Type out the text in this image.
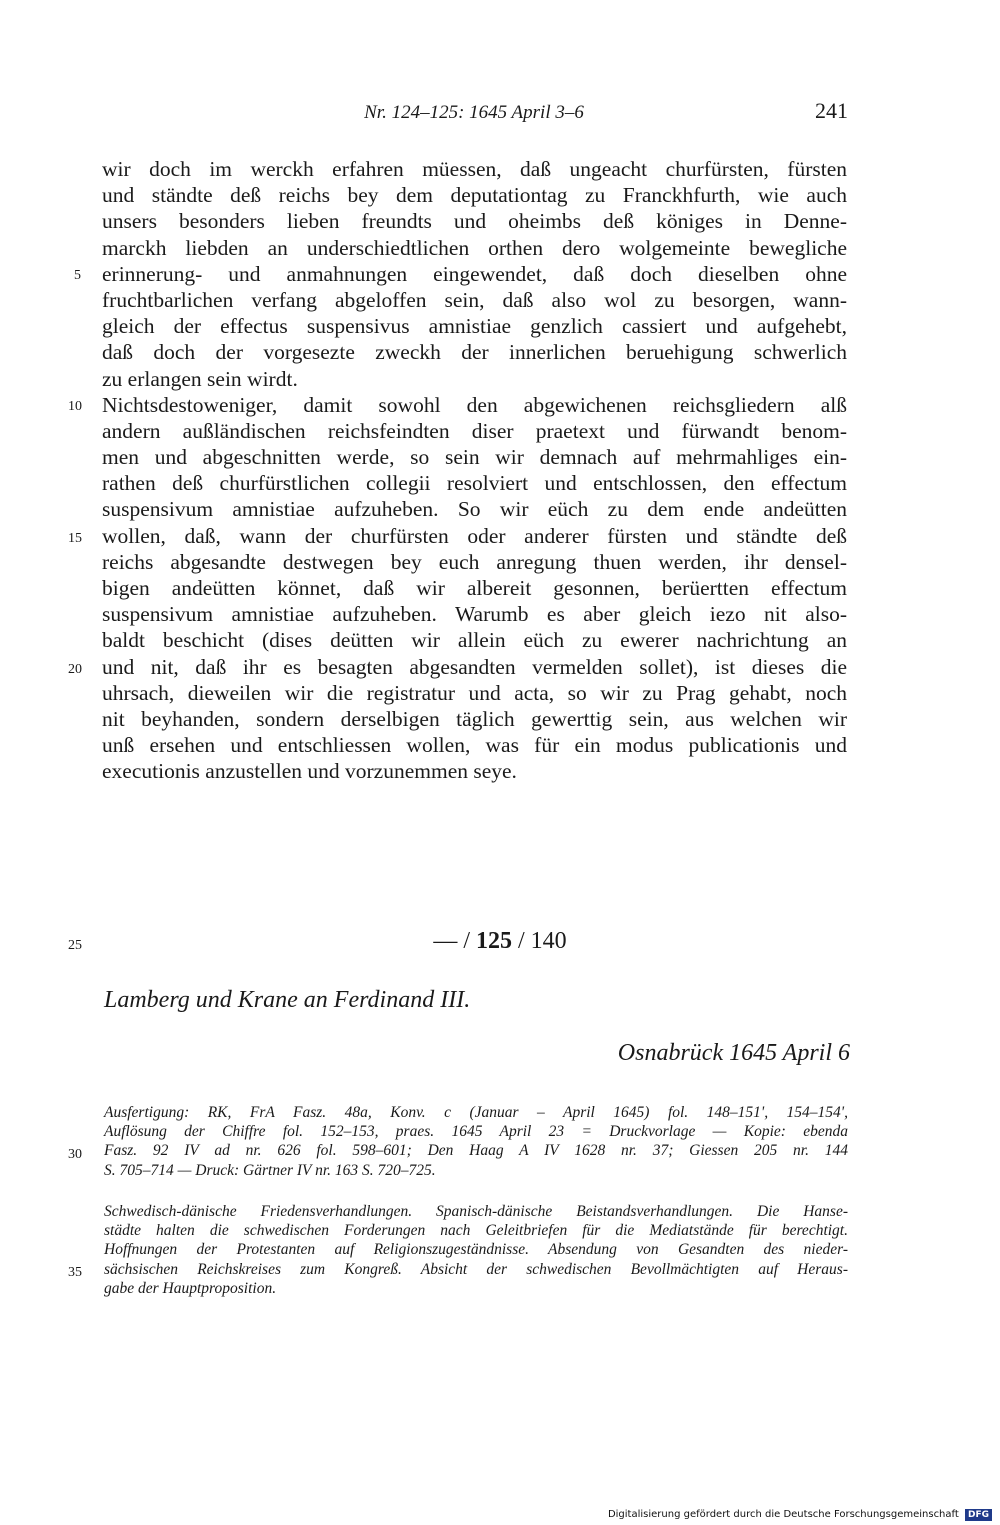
Nr. 124–125: 1645 April 3–6	241
wir doch im werckh erfahren müessen, daß ungeacht churfürsten, fürsten
und ständte deß reichs bey dem deputationtag zu Franckhfurth, wie auch
unsers besonders lieben freundts und oheimbs deß königes in Denne-
marckh liebden an underschiedtlichen orthen dero wolgemeinte bewegliche
erinnerung- und anmahnungen eingewendet, daß doch dieselben ohne
fruchtbarlichen verfang abgeloffen sein, daß also wol zu besorgen, wann-
gleich der effectus suspensivus amnistiae genzlich cassiert und aufgehebt,
daß doch der vorgesezte zweckh der innerlichen beruehigung schwerlich
zu erlangen sein wirdt.
Nichtsdestoweniger, damit sowohl den abgewichenen reichsgliedern alß
andern außländischen reichsfeindten diser praetext und fürwandt benom-
men und abgeschnitten werde, so sein wir demnach auf mehrmahliges ein-
rathen deß churfürstlichen collegii resolviert und entschlossen, den effectum
suspensivum amnistiae aufzuheben. So wir eüch zu dem ende andeütten
wollen, daß, wann der churfürsten oder anderer fürsten und ständte deß
reichs abgesandte destwegen bey euch anregung thuen werden, ihr densel-
bigen andeütten könnet, daß wir albereit gesonnen, berüertten effectum
suspensivum amnistiae aufzuheben. Warumb es aber gleich iezo nit also-
baldt beschicht (dises deütten wir allein eüch zu ewerer nachrichtung an
und nit, daß ihr es besagten abgesandten vermelden sollet), ist dieses die
uhrsach, dieweilen wir die registratur und acta, so wir zu Prag gehabt, noch
nit beyhanden, sondern derselbigen täglich gewerttig sein, aus welchen wir
unß ersehen und entschliessen wollen, was für ein modus publicationis und
executionis anzustellen und vorzunemmen seye.
5
10
15
20
25
30
35
— / 125 / 140
Lamberg und Krane an Ferdinand III.
Osnabrück 1645 April 6
Ausfertigung: RK, FrA Fasz. 48a, Konv. c (Januar – April 1645) fol. 148–151', 154–154',
Auflösung der Chiffre fol. 152–153, praes. 1645 April 23 = Druckvorlage — Kopie: ebenda
Fasz. 92 IV ad nr. 626 fol. 598–601; Den Haag A IV 1628 nr. 37; Giessen 205 nr. 144
S. 705–714 — Druck: Gärtner IV nr. 163 S. 720–725.
Schwedisch-dänische Friedensverhandlungen. Spanisch-dänische Beistandsverhandlungen. Die Hanse-
städte halten die schwedischen Forderungen nach Geleitbriefen für die Mediatstände für berechtigt.
Hoffnungen der Protestanten auf Religionszugeständnisse. Absendung von Gesandten des nieder-
sächsischen Reichskreises zum Kongreß. Absicht der schwedischen Bevollmächtigten auf Heraus-
gabe der Hauptproposition.
Digitalisierung gefördert durch die Deutsche Forschungsgemeinschaft DFG
